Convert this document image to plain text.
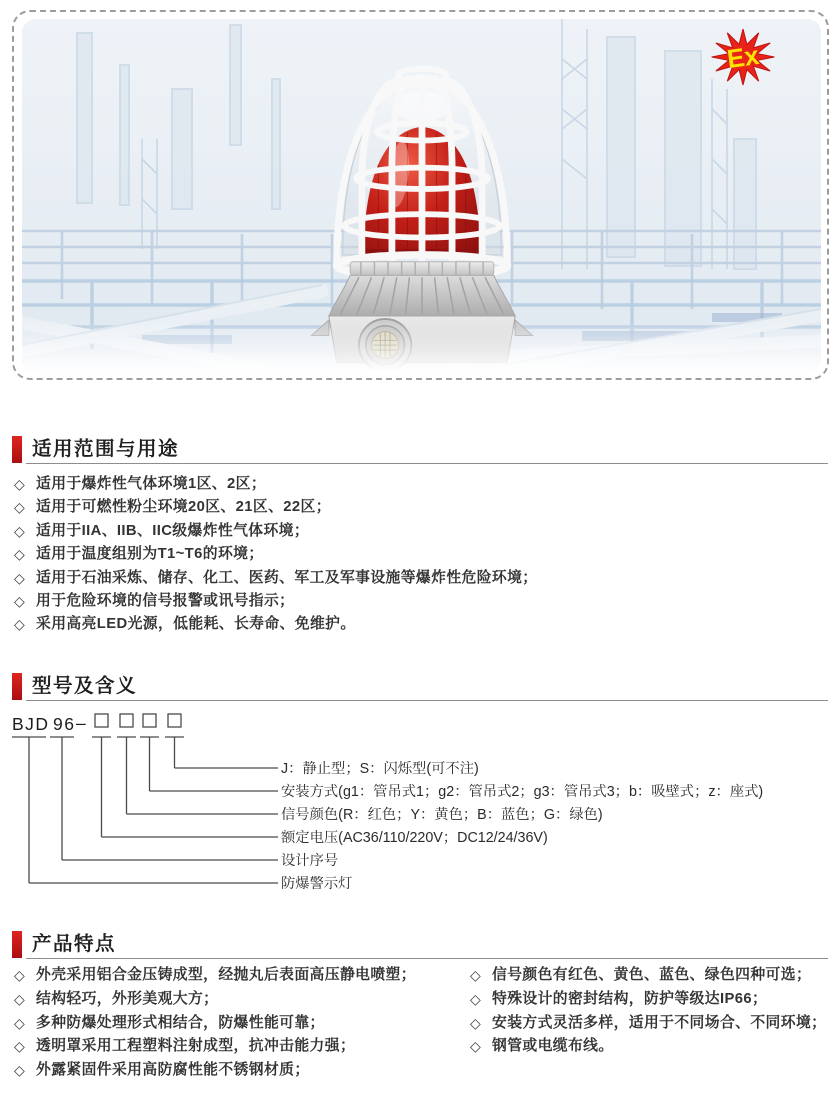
Ex
适用范围与用途
◇ 适用于爆炸性气体环境1区、2区；
◇ 适用于可燃性粉尘环境20区、21区、22区；
◇ 适用于IIA、IIB、IIC级爆炸性气体环境；
◇ 适用于温度组别为T1~T6的环境；
◇ 适用于石油采炼、储存、化工、医药、军工及军事设施等爆炸性危险环境；
◇ 用于危险环境的信号报警或讯号指示；
◇ 采用高亮LED光源，低能耗、长寿命、免维护。
型号及含义
BJD 96 –
J：静止型；S：闪烁型(可不注)
安装方式(g1：管吊式1；g2：管吊式2；g3：管吊式3；b：吸壁式；z：座式)
信号颜色(R：红色；Y：黄色；B：蓝色；G：绿色)
额定电压(AC36/110/220V；DC12/24/36V)
设计序号
防爆警示灯
产品特点
◇ 外壳采用铝合金压铸成型，经抛丸后表面高压静电喷塑；
◇ 结构轻巧，外形美观大方；
◇ 多种防爆处理形式相结合，防爆性能可靠；
◇ 透明罩采用工程塑料注射成型，抗冲击能力强；
◇ 外露紧固件采用高防腐性能不锈钢材质；
◇ 信号颜色有红色、黄色、蓝色、绿色四种可选；
◇ 特殊设计的密封结构，防护等级达IP66；
◇ 安装方式灵活多样，适用于不同场合、不同环境；
◇ 钢管或电缆布线。
